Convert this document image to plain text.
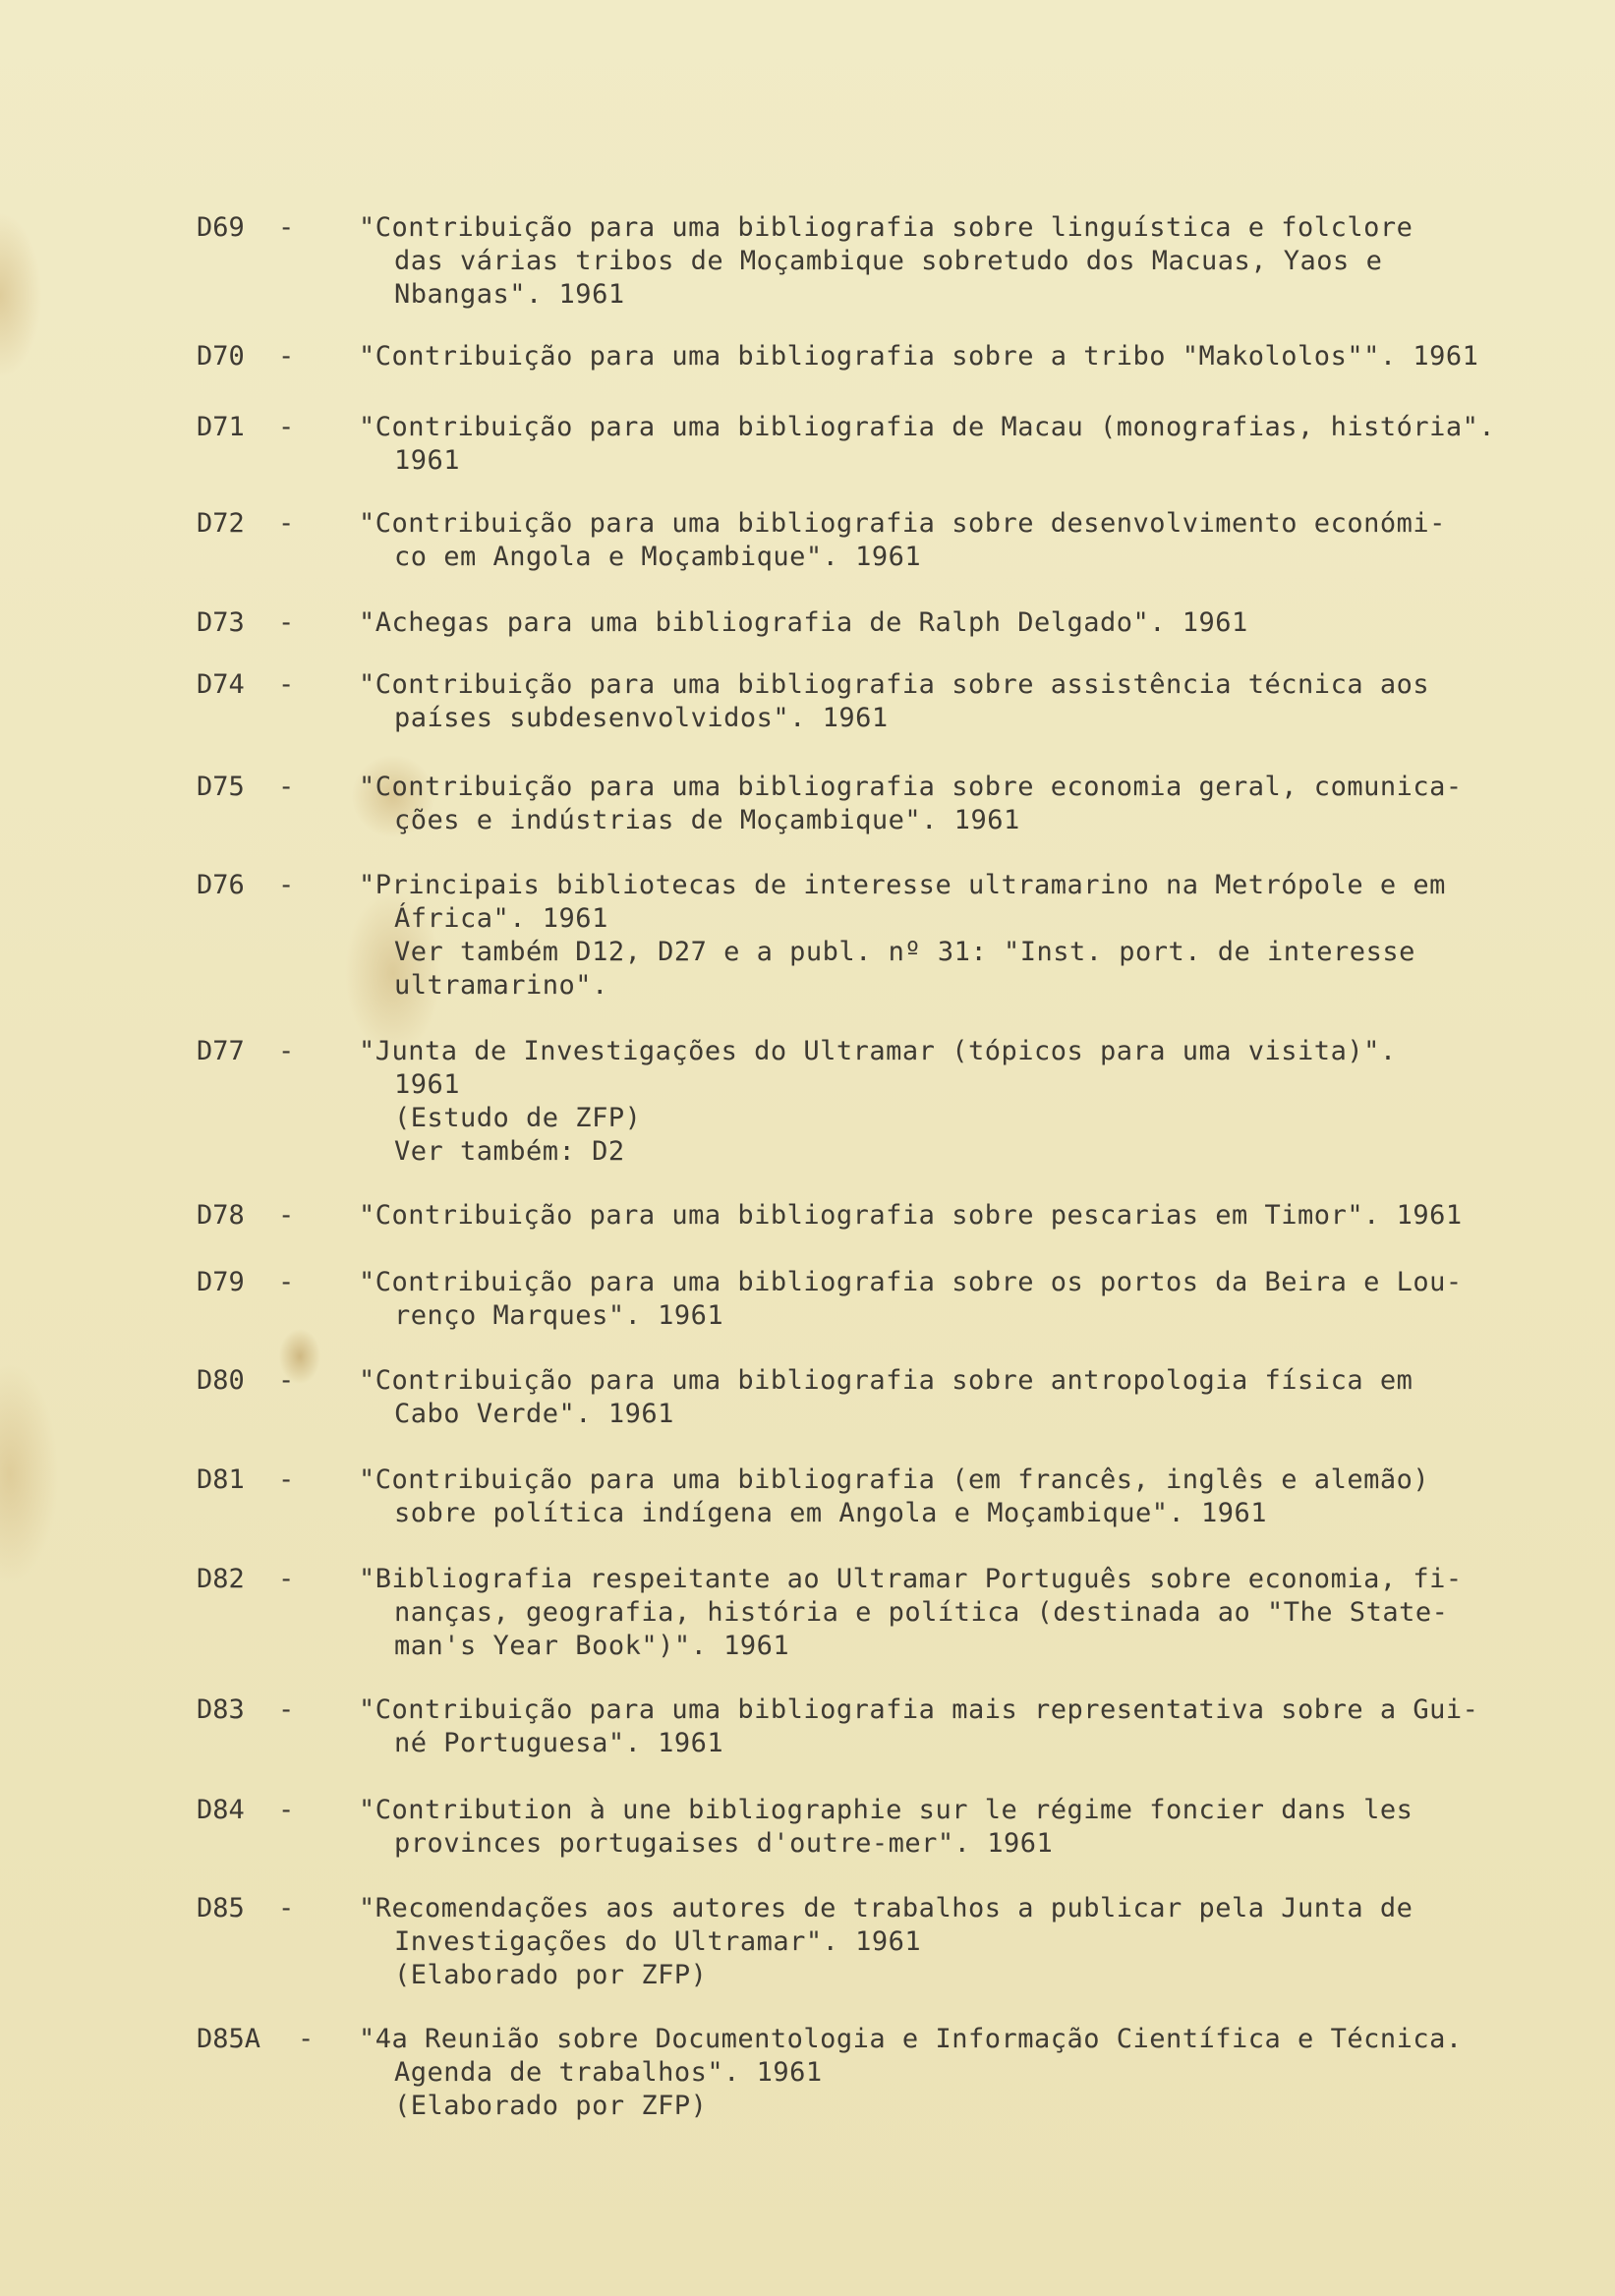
D69	- "Contribuição para uma bibliografia sobre linguística e folclore
das várias tribos de Moçambique sobretudo dos Macuas, Yaos e
Nbangas". 1961
D70	- "Contribuição para uma bibliografia sobre a tribo "Makololos"". 1961
D71	- "Contribuição para uma bibliografia de Macau (monografias, história".
1961
D72	- "Contribuição para uma bibliografia sobre desenvolvimento económi-
co em Angola e Moçambique". 1961
D73	- "Achegas para uma bibliografia de Ralph Delgado". 1961
D74	- "Contribuição para uma bibliografia sobre assistência técnica aos
países subdesenvolvidos". 1961
D75	- "Contribuição para uma bibliografia sobre economia geral, comunica-
ções e indústrias de Moçambique". 1961
D76	- "Principais bibliotecas de interesse ultramarino na Metrópole e em
África". 1961
Ver também D12, D27 e a publ. nº 31: "Inst. port. de interesse
ultramarino".
D77	- "Junta de Investigações do Ultramar (tópicos para uma visita)".
1961
(Estudo de ZFP)
Ver também: D2
D78	- "Contribuição para uma bibliografia sobre pescarias em Timor". 1961
D79	- "Contribuição para uma bibliografia sobre os portos da Beira e Lou-
renço Marques". 1961
D80	- "Contribuição para uma bibliografia sobre antropologia física em
Cabo Verde". 1961
D81	- "Contribuição para uma bibliografia (em francês, inglês e alemão)
sobre política indígena em Angola e Moçambique". 1961
D82	- "Bibliografia respeitante ao Ultramar Português sobre economia, fi-
nanças, geografia, história e política (destinada ao "The State-
man's Year Book")". 1961
D83	- "Contribuição para uma bibliografia mais representativa sobre a Gui-
né Portuguesa". 1961
D84	- "Contribution à une bibliographie sur le régime foncier dans les
provinces portugaises d'outre-mer". 1961
D85	- "Recomendações aos autores de trabalhos a publicar pela Junta de
Investigações do Ultramar". 1961
(Elaborado por ZFP)
D85A	- "4a Reunião sobre Documentologia e Informação Científica e Técnica.
Agenda de trabalhos". 1961
(Elaborado por ZFP)
